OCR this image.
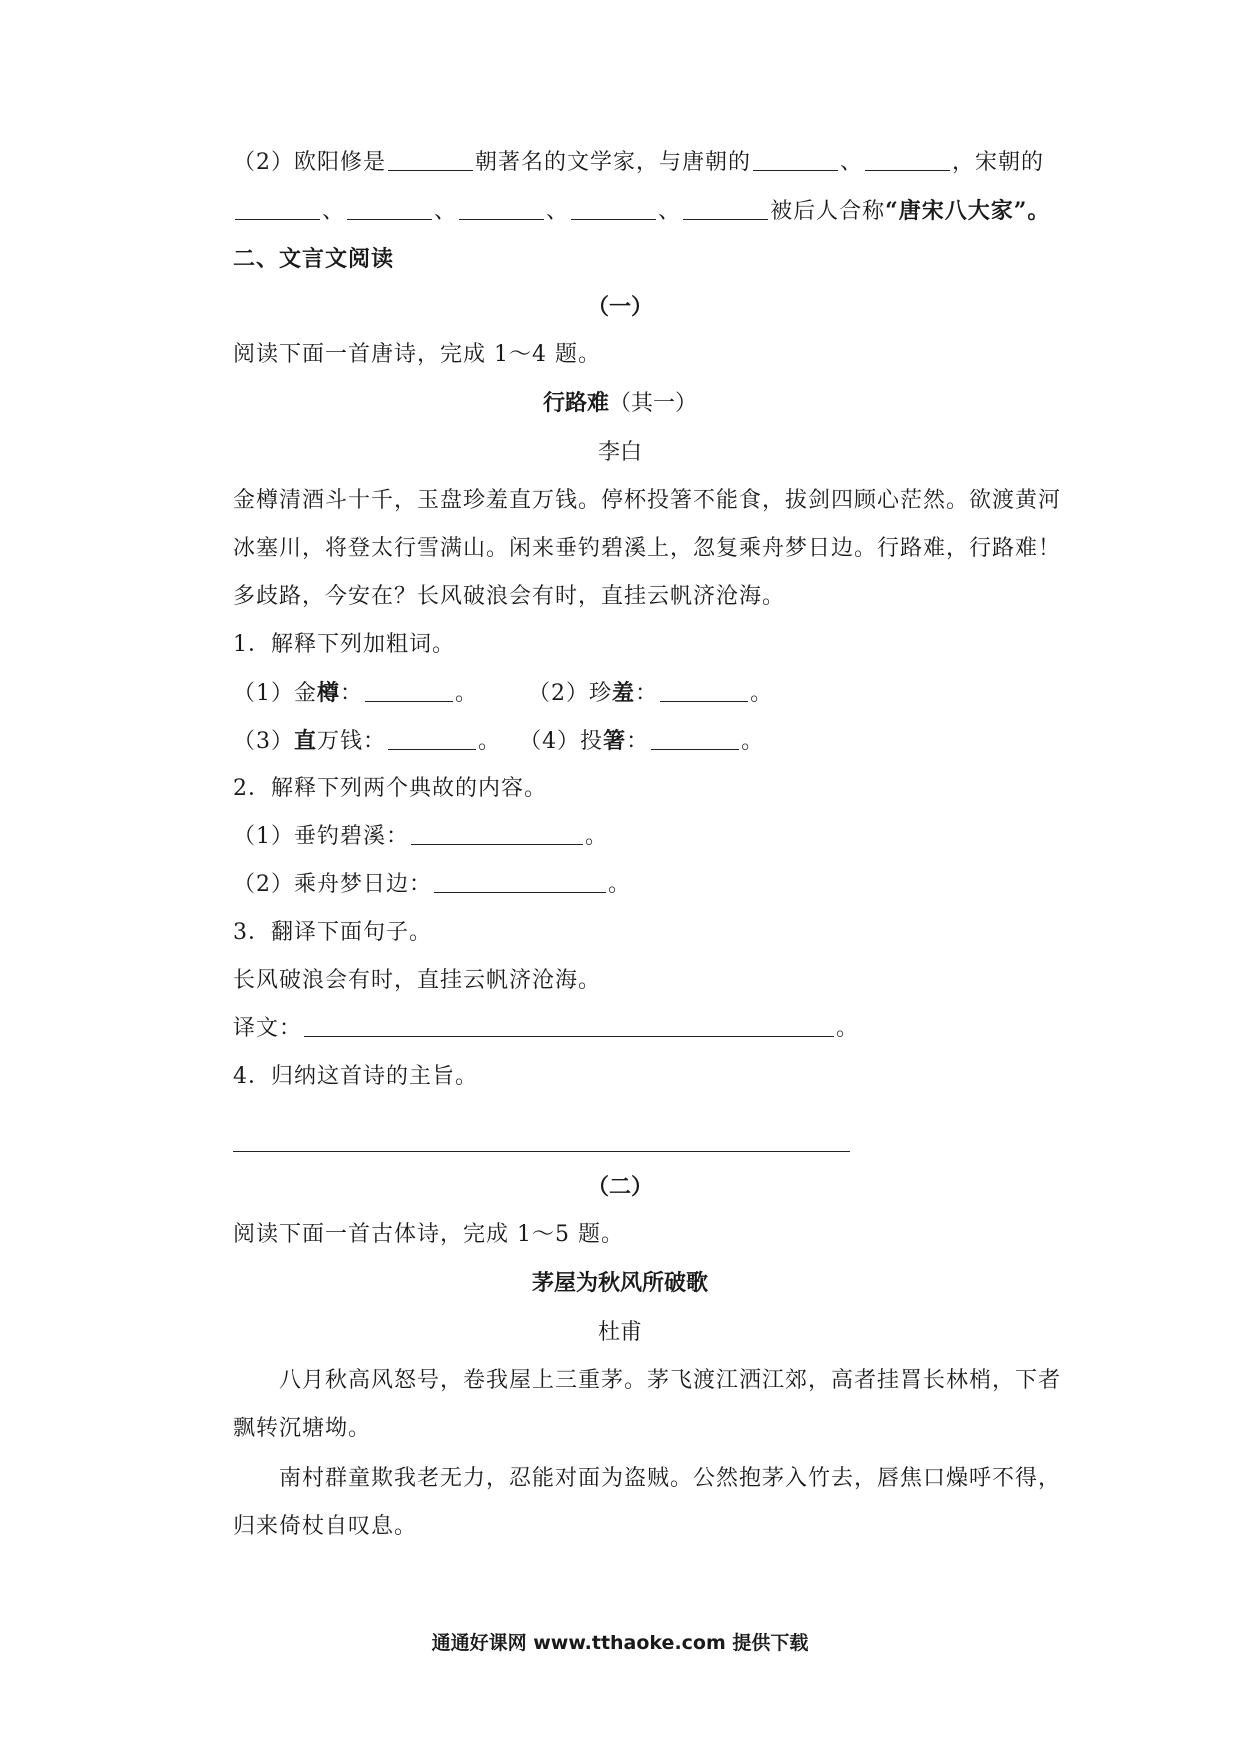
（2）欧阳修是	朝著名的文学家，与唐朝的	、	，宋朝的
、	、	、	、	被后人合称“唐宋八大家”。
二、文言文阅读
（一）
阅读下面一首唐诗，完成 1～4 题。
行路难（其一）
李白
金樽清酒斗十千，玉盘珍羞直万钱。停杯投箸不能食，拔剑四顾心茫然。欲渡黄河
冰塞川，将登太行雪满山。闲来垂钓碧溪上，忽复乘舟梦日边。行路难，行路难！
多歧路，今安在？长风破浪会有时，直挂云帆济沧海。
1．解释下列加粗词。
（1）金樽：	。 （2）珍羞：	。
（3）直万钱：	。 （4）投箸：	。
2．解释下列两个典故的内容。
（1）垂钓碧溪：	。
（2）乘舟梦日边：	。
3．翻译下面句子。
长风破浪会有时，直挂云帆济沧海。
译文：	。
4．归纳这首诗的主旨。
（二）
阅读下面一首古体诗，完成 1～5 题。
茅屋为秋风所破歌
杜甫
八月秋高风怒号，卷我屋上三重茅。茅飞渡江洒江郊，高者挂罥长林梢，下者
飘转沉塘坳。
南村群童欺我老无力，忍能对面为盗贼。公然抱茅入竹去，唇焦口燥呼不得，
归来倚杖自叹息。
通通好课网 www.tthaoke.com 提供下载
